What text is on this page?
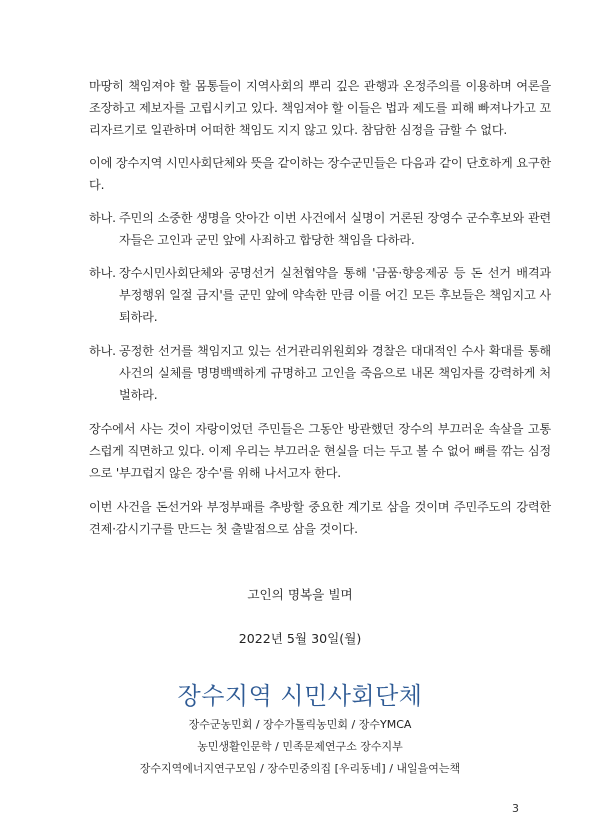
마땅히 책임져야 할 몸통들이 지역사회의 뿌리 깊은 관행과 온정주의를 이용하며 여론을 조장하고 제보자를 고립시키고 있다. 책임져야 할 이들은 법과 제도를 피해 빠져나가고 꼬리자르기로 일관하며 어떠한 책임도 지지 않고 있다. 참담한 심정을 금할 수 없다.

이에 장수지역 시민사회단체와 뜻을 같이하는 장수군민들은 다음과 같이 단호하게 요구한다.

하나. 주민의 소중한 생명을 앗아간 이번 사건에서 실명이 거론된 장영수 군수후보와 관련자들은 고인과 군민 앞에 사죄하고 합당한 책임을 다하라.
하나. 장수시민사회단체와 공명선거 실천협약을 통해 '금품·향응제공 등 돈 선거 배격과 부정행위 일절 금지'를 군민 앞에 약속한 만큼 이를 어긴 모든 후보들은 책임지고 사퇴하라.
하나. 공정한 선거를 책임지고 있는 선거관리위원회와 경찰은 대대적인 수사 확대를 통해 사건의 실체를 명명백백하게 규명하고 고인을 죽음으로 내몬 책임자를 강력하게 처벌하라.

장수에서 사는 것이 자랑이었던 주민들은 그동안 방관했던 장수의 부끄러운 속살을 고통스럽게 직면하고 있다. 이제 우리는 부끄러운 현실을 더는 두고 볼 수 없어 뼈를 깎는 심정으로 '부끄럽지 않은 장수'를 위해 나서고자 한다.

이번 사건을 돈선거와 부정부패를 추방할 중요한 계기로 삼을 것이며 주민주도의 강력한 견제·감시기구를 만드는 첫 출발점으로 삼을 것이다.

고인의 명복을 빌며

2022년 5월 30일(월)

장수지역 시민사회단체

장수군농민회 / 장수가톨릭농민회 / 장수YMCA

농민생활인문학 / 민족문제연구소 장수지부

장수지역에너지연구모임 / 장수민중의집 [우리동네] / 내일을여는책

3
